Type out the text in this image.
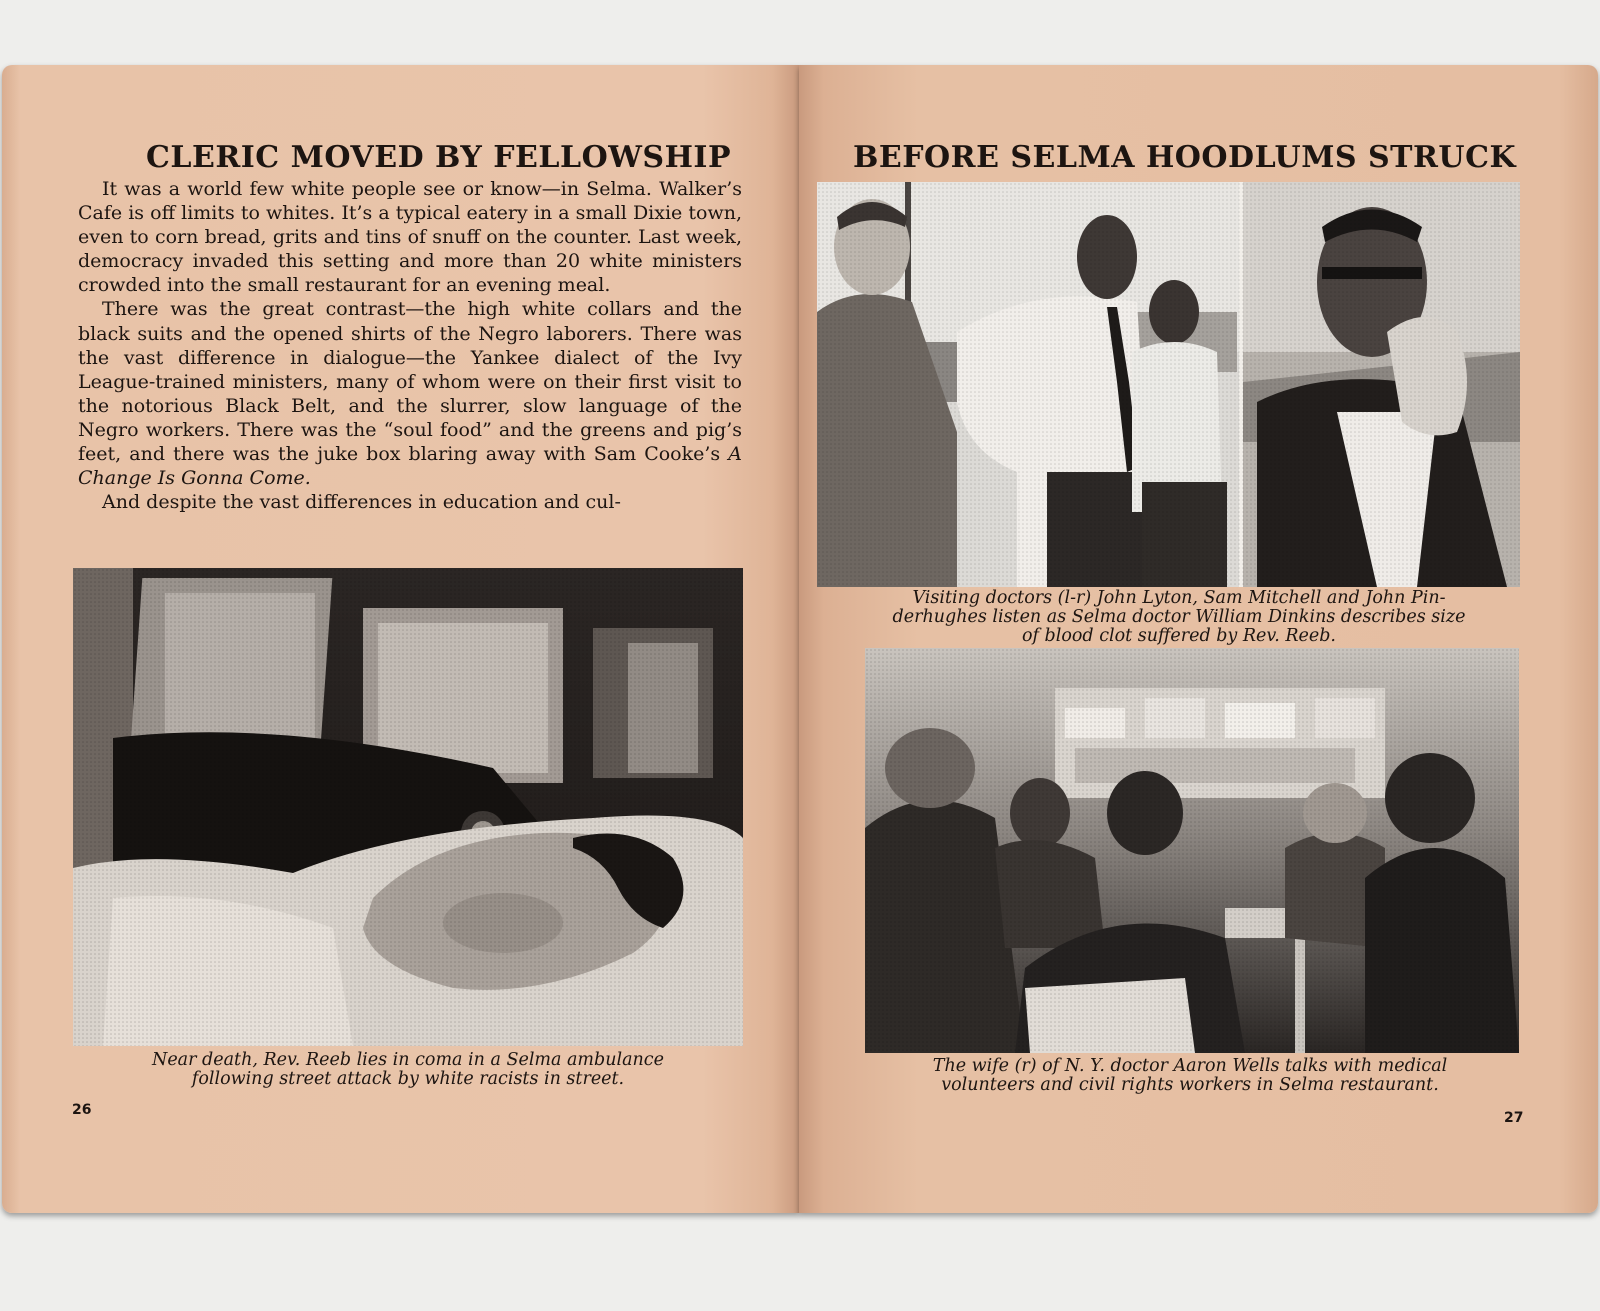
CLERIC MOVED BY FELLOWSHIP

It was a world few white people see or know—in Selma. Walker’s Cafe is off limits to whites. It’s a typical eatery in a small Dixie town, even to corn bread, grits and tins of snuff on the counter. Last week, democracy invaded this setting and more than 20 white ministers crowded into the small restaurant for an evening meal.

There was the great contrast—the high white collars and the black suits and the opened shirts of the Negro laborers. There was the vast difference in dialogue—the Yankee dialect of the Ivy League-trained ministers, many of whom were on their first visit to the notorious Black Belt, and the slurrer, slow language of the Negro workers. There was the “soul food” and the greens and pig’s feet, and there was the juke box blaring away with Sam Cooke’s A Change Is Gonna Come.

And despite the vast differences in education and cul-

Near death, Rev. Reeb lies in coma in a Selma ambulance
following street attack by white racists in street.
26
BEFORE SELMA HOODLUMS STRUCK
Visiting doctors (l-r) John Lyton, Sam Mitchell and John Pin-
derhughes listen as Selma doctor William Dinkins describes size
of blood clot suffered by Rev. Reeb.
The wife (r) of N. Y. doctor Aaron Wells talks with medical
volunteers and civil rights workers in Selma restaurant.
27
